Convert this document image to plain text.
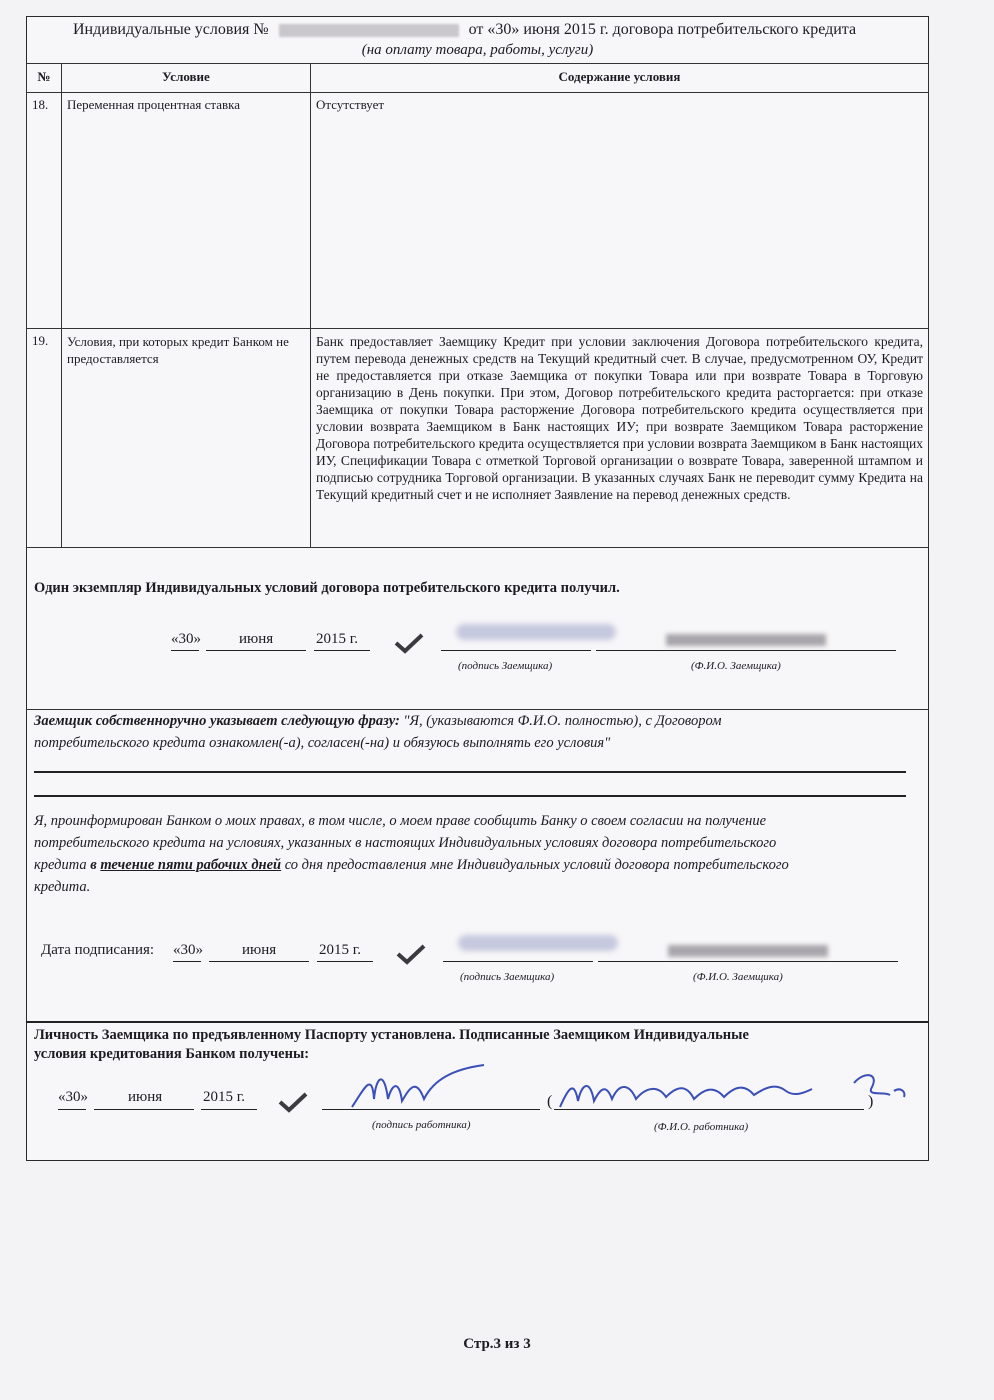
Индивидуальные условия №	от «30» июня 2015 г. договора потребительского кредита
(на оплату товара, работы, услуги)
№	Условие	Содержание условия
18.	Переменная процентная ставка	Отсутствует
19.	Условия, при которых кредит Банком не предоставляется	Банк предоставляет Заемщику Кредит при условии заключения Договора потребительского кредита, путем перевода денежных средств на Текущий кредитный счет. В случае, предусмотренном ОУ, Кредит не предоставляется при отказе Заемщика от покупки Товара или при возврате Товара в Торговую организацию в День покупки. При этом, Договор потребительского кредита расторгается: при отказе Заемщика от покупки Товара расторжение Договора потребительского кредита осуществляется при условии возврата Заемщиком в Банк настоящих ИУ; при возврате Заемщиком Товара расторжение Договора потребительского кредита осуществляется при условии возврата Заемщиком в Банк настоящих ИУ, Спецификации Товара с отметкой Торговой организации о возврате Товара, заверенной штампом и подписью сотрудника Торговой организации. В указанных случаях Банк не переводит сумму Кредита на Текущий кредитный счет и не исполняет Заявление на перевод денежных средств.
Один экземпляр Индивидуальных условий договора потребительского кредита получил.
«30»	июня	2015 г.
(подпись Заемщика)	(Ф.И.О. Заемщика)
Заемщик собственноручно указывает следующую фразу: "Я, (указываются Ф.И.О. полностью), с Договором
потребительского кредита ознакомлен(-а), согласен(-на) и обязуюсь выполнять его условия"
Я, проинформирован Банком о моих правах, в том числе, о моем праве сообщить Банку о своем согласии на получение
потребительского кредита на условиях, указанных в настоящих Индивидуальных условиях договора потребительского
кредита в течение пяти рабочих дней со дня предоставления мне Индивидуальных условий договора потребительского
кредита.
Дата подписания: «30»	июня	2015 г.
(подпись Заемщика)	(Ф.И.О. Заемщика)
Личность Заемщика по предъявленному Паспорту установлена. Подписанные Заемщиком Индивидуальные
условия кредитования Банком получены:
«30»	июня	2015 г.	(	)
(подпись работника)	(Ф.И.О. работника)
Стр.3 из 3
